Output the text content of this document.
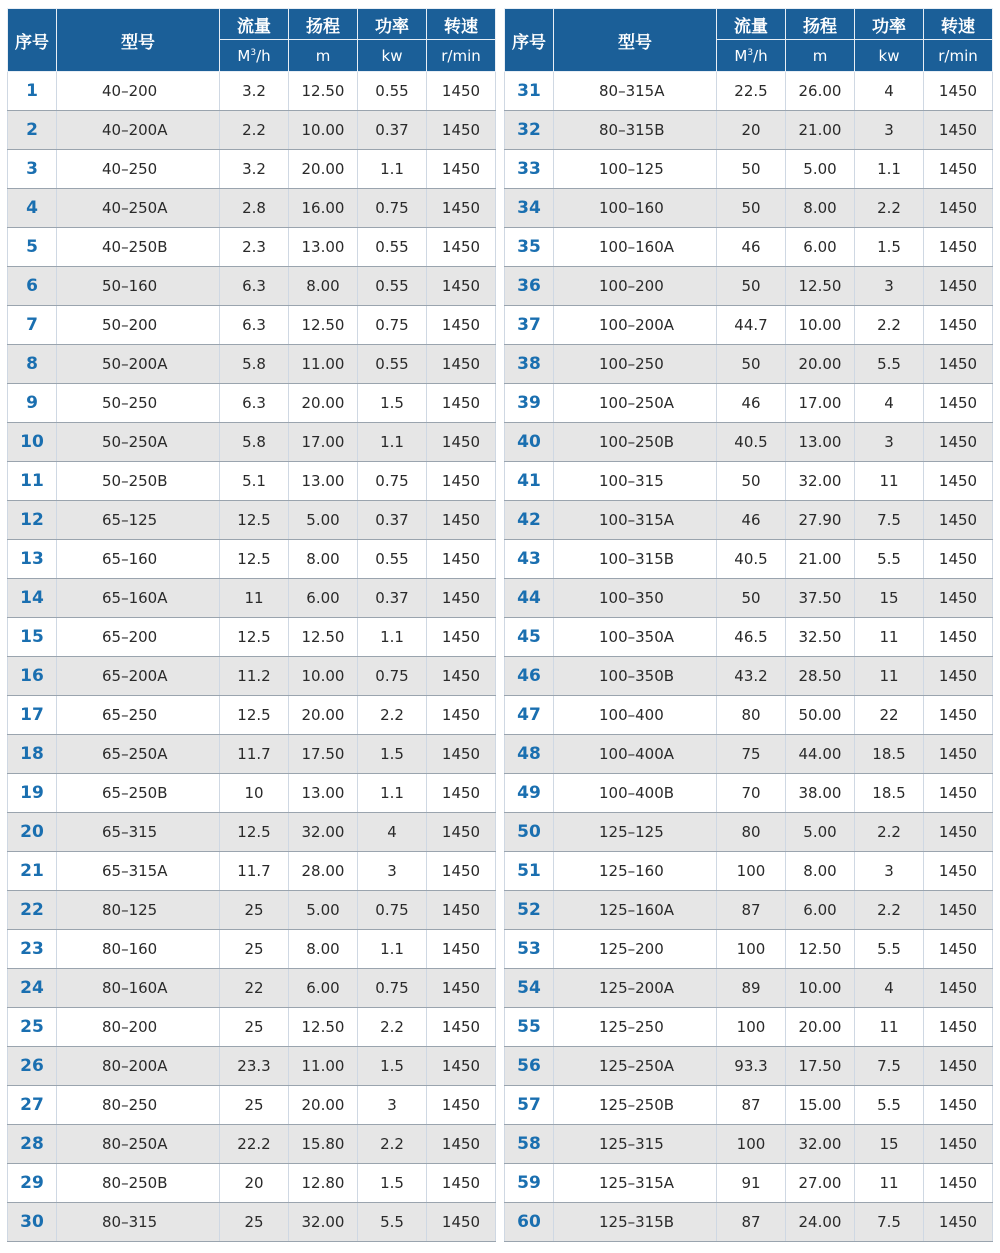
序号	型号	流量	扬程	功率	转速
		$M^3/h$	m	kw	r/min
1	40–200	3.2	12.50	0.55	1450
2	40–200A	2.2	10.00	0.37	1450
3	40–250	3.2	20.00	1.1	1450
4	40–250A	2.8	16.00	0.75	1450
5	40–250B	2.3	13.00	0.55	1450
6	50–160	6.3	8.00	0.55	1450
7	50–200	6.3	12.50	0.75	1450
8	50–200A	5.8	11.00	0.55	1450
9	50–250	6.3	20.00	1.5	1450
10	50–250A	5.8	17.00	1.1	1450
11	50–250B	5.1	13.00	0.75	1450
12	65–125	12.5	5.00	0.37	1450
13	65–160	12.5	8.00	0.55	1450
14	65–160A	11	6.00	0.37	1450
15	65–200	12.5	12.50	1.1	1450
16	65–200A	11.2	10.00	0.75	1450
17	65–250	12.5	20.00	2.2	1450
18	65–250A	11.7	17.50	1.5	1450
19	65–250B	10	13.00	1.1	1450
20	65–315	12.5	32.00	4	1450
21	65–315A	11.7	28.00	3	1450
22	80–125	25	5.00	0.75	1450
23	80–160	25	8.00	1.1	1450
24	80–160A	22	6.00	0.75	1450
25	80–200	25	12.50	2.2	1450
26	80–200A	23.3	11.00	1.5	1450
27	80–250	25	20.00	3	1450
28	80–250A	22.2	15.80	2.2	1450
29	80–250B	20	12.80	1.5	1450
30	80–315	25	32.00	5.5	1450
序号	型号	流量	扬程	功率	转速
		$M^3/h$	m	kw	r/min
31	80–315A	22.5	26.00	4	1450
32	80–315B	20	21.00	3	1450
33	100–125	50	5.00	1.1	1450
34	100–160	50	8.00	2.2	1450
35	100–160A	46	6.00	1.5	1450
36	100–200	50	12.50	3	1450
37	100–200A	44.7	10.00	2.2	1450
38	100–250	50	20.00	5.5	1450
39	100–250A	46	17.00	4	1450
40	100–250B	40.5	13.00	3	1450
41	100–315	50	32.00	11	1450
42	100–315A	46	27.90	7.5	1450
43	100–315B	40.5	21.00	5.5	1450
44	100–350	50	37.50	15	1450
45	100–350A	46.5	32.50	11	1450
46	100–350B	43.2	28.50	11	1450
47	100–400	80	50.00	22	1450
48	100–400A	75	44.00	18.5	1450
49	100–400B	70	38.00	18.5	1450
50	125–125	80	5.00	2.2	1450
51	125–160	100	8.00	3	1450
52	125–160A	87	6.00	2.2	1450
53	125–200	100	12.50	5.5	1450
54	125–200A	89	10.00	4	1450
55	125–250	100	20.00	11	1450
56	125–250A	93.3	17.50	7.5	1450
57	125–250B	87	15.00	5.5	1450
58	125–315	100	32.00	15	1450
59	125–315A	91	27.00	11	1450
60	125–315B	87	24.00	7.5	1450
